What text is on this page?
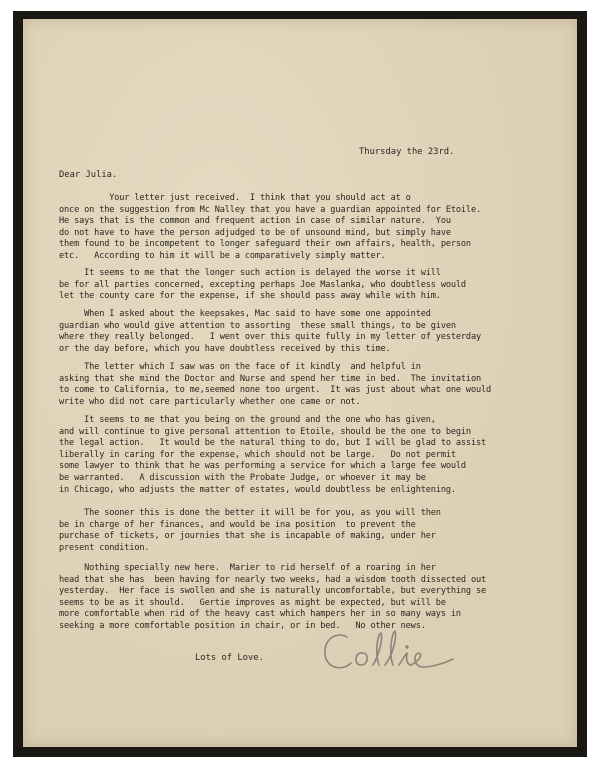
Thursday the 23rd.
Dear Julia.
Your letter just received.  I think that you should act at o
once on the suggestion from Mc Nalley that you have a guardian appointed for Etoile.
He says that is the common and frequent action in case of similar nature.  You
do not have to have the person adjudged to be of unsound mind, but simply have
them found to be incompetent to longer safeguard their own affairs, health, person
etc.   According to him it will be a comparatively simply matter.
It seems to me that the longer such action is delayed the worse it will
be for all parties concerned, excepting perhaps Joe Maslanka, who doubtless would
let the county care for the expense, if she should pass away while with him.
When I asked about the keepsakes, Mac said to have some one appointed
guardian who would give attention to assorting  these small things, to be given
where they really belonged.   I went over this quite fully in my letter of yesterday
or the day before, which you have doubtless received by this time.
The letter which I saw was on the face of it kindly  and helpful in
asking that she mind the Doctor and Nurse and spend her time in bed.  The invitation
to come to California, to me,seemed none too urgent.  It was just about what one would
write who did not care particularly whether one came or not.
It seems to me that you being on the ground and the one who has given,
and will continue to give personal attention to Etoile, should be the one to begin
the legal action.   It would be the natural thing to do, but I will be glad to assist
liberally in caring for the expense, which should not be large.   Do not permit
some lawyer to think that he was performing a service for which a large fee would
be warranted.   A discussion with the Probate Judge, or whoever it may be
in Chicago, who adjusts the matter of estates, would doubtless be enlightening.
The sooner this is done the better it will be for you, as you will then
be in charge of her finances, and would be ina position  to prevent the
purchase of tickets, or journies that she is incapable of making, under her
present condition.
Nothing specially new here.  Marier to rid herself of a roaring in her
head that she has  been having for nearly two weeks, had a wisdom tooth dissected out
yesterday.  Her face is swollen and she is naturally uncomfortable, but everything se
seems to be as it should.   Gertie improves as might be expected, but will be
more comfortable when rid of the heavy cast which hampers her in so many ways in
seeking a more comfortable position in chair, or in bed.   No other news.
Lots of Love.
